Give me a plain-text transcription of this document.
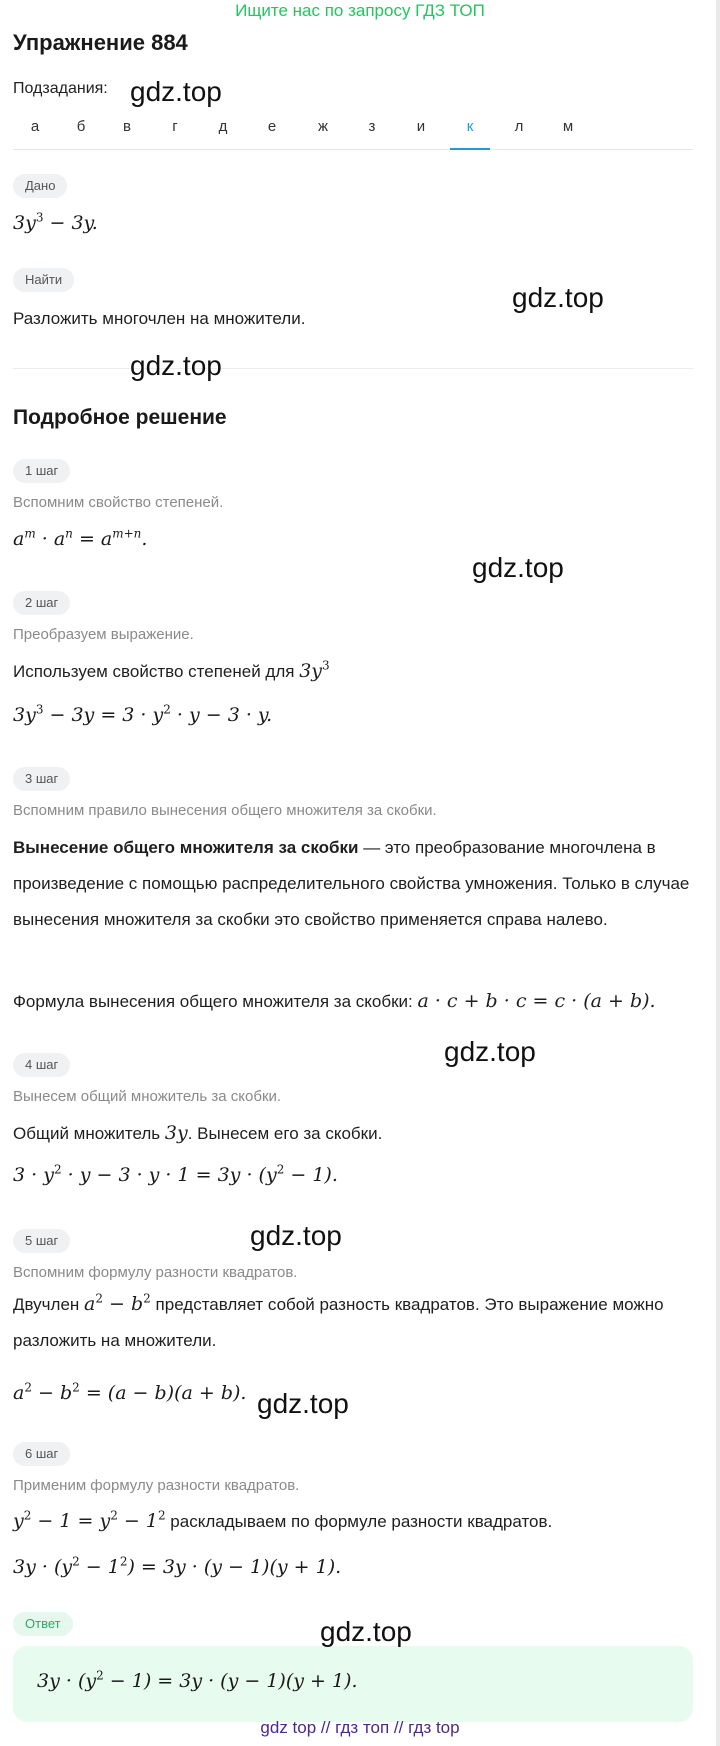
Ищите нас по запросу ГДЗ ТОП
Упражнение 884
Подзадания:
а	б	в	г	д	е	ж	з	и	к	л	м
Дано
$3y^3 - 3y$.
Найти
Разложить многочлен на множители.
Подробное решение
1 шаг
Вспомним свойство степеней.
$a^m \cdot a^n = a^{m+n}$.
2 шаг
Преобразуем выражение.
Используем свойство степеней для $3y^3$
$3y^3 - 3y = 3 \cdot y^2 \cdot y - 3 \cdot y$.
3 шаг
Вспомним правило вынесения общего множителя за скобки.
Вынесение общего множителя за скобки — это преобразование многочлена в произведение с помощью распределительного свойства умножения. Только в случае вынесения множителя за скобки это свойство применяется справа налево.
Формула вынесения общего множителя за скобки: a · c + b · c = c · (a + b).
4 шаг
Вынесем общий множитель за скобки.
Общий множитель 3y. Вынесем его за скобки.
$3 \cdot y^2 \cdot y - 3 \cdot y \cdot 1 = 3y \cdot (y^2 - 1)$.
5 шаг
Вспомним формулу разности квадратов.
Двучлен $a^2 - b^2$ представляет собой разность квадратов. Это выражение можно разложить на множители.
$a^2 - b^2 = (a - b)(a + b)$.
6 шаг
Применим формулу разности квадратов.
$y^2 - 1 = y^2 - 1^2$ раскладываем по формуле разности квадратов.
$3y \cdot (y^2 - 1^2) = 3y \cdot (y - 1)(y + 1)$.
Ответ
$3y \cdot (y^2 - 1) = 3y \cdot (y - 1)(y + 1)$.
gdz.top
gdz.top
gdz.top
gdz.top
gdz.top
gdz.top
gdz.top
gdz.top
gdz top // гдз топ // гдз top
